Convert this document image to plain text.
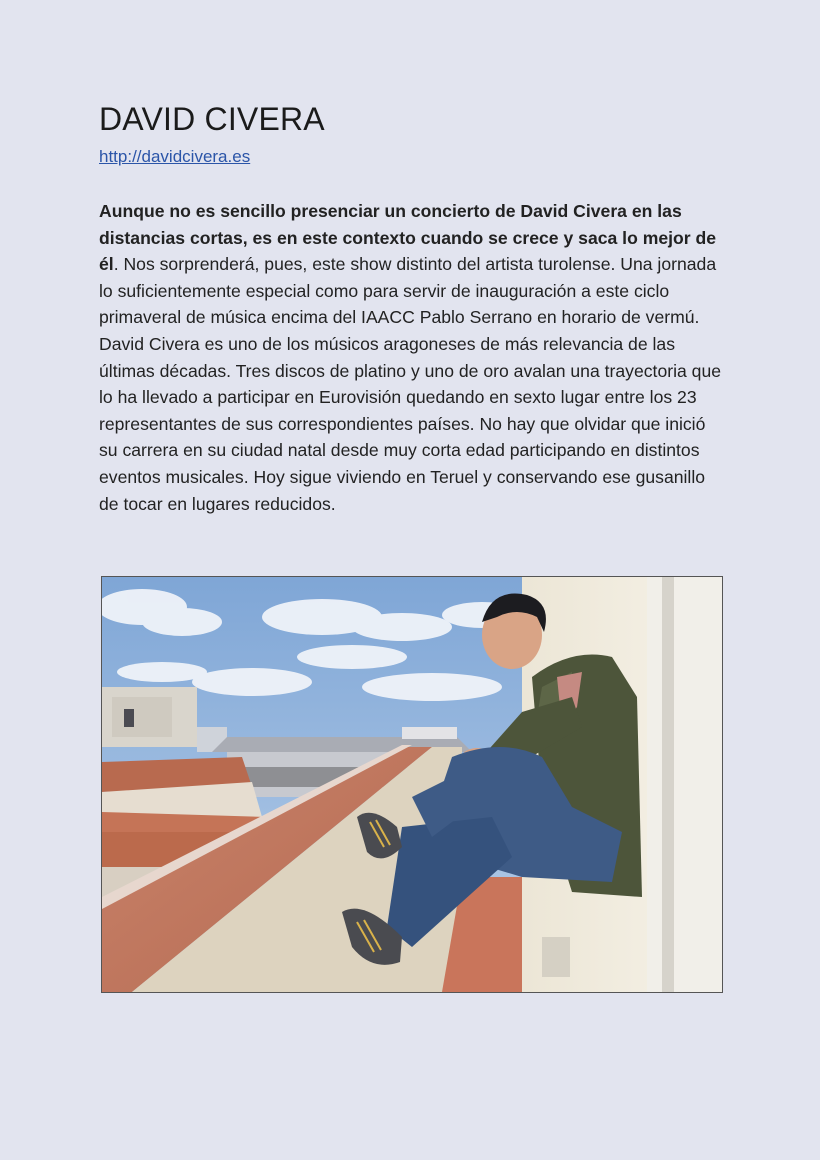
DAVID CIVERA
http://davidcivera.es

Aunque no es sencillo presenciar un concierto de David Civera en las distancias cortas, es en este contexto cuando se crece y saca lo mejor de él. Nos sorprenderá, pues, este show distinto del artista turolense. Una jornada lo suficientemente especial como para servir de inauguración a este ciclo primaveral de música encima del IAACC Pablo Serrano en horario de vermú. David Civera es uno de los músicos aragoneses de más relevancia de las últimas décadas. Tres discos de platino y uno de oro avalan una trayectoria que lo ha llevado a participar en Eurovisión quedando en sexto lugar entre los 23 representantes de sus correspondientes países. No hay que olvidar que inició su carrera en su ciudad natal desde muy corta edad participando en distintos eventos musicales. Hoy sigue viviendo en Teruel y conservando ese gusanillo de tocar en lugares reducidos.
